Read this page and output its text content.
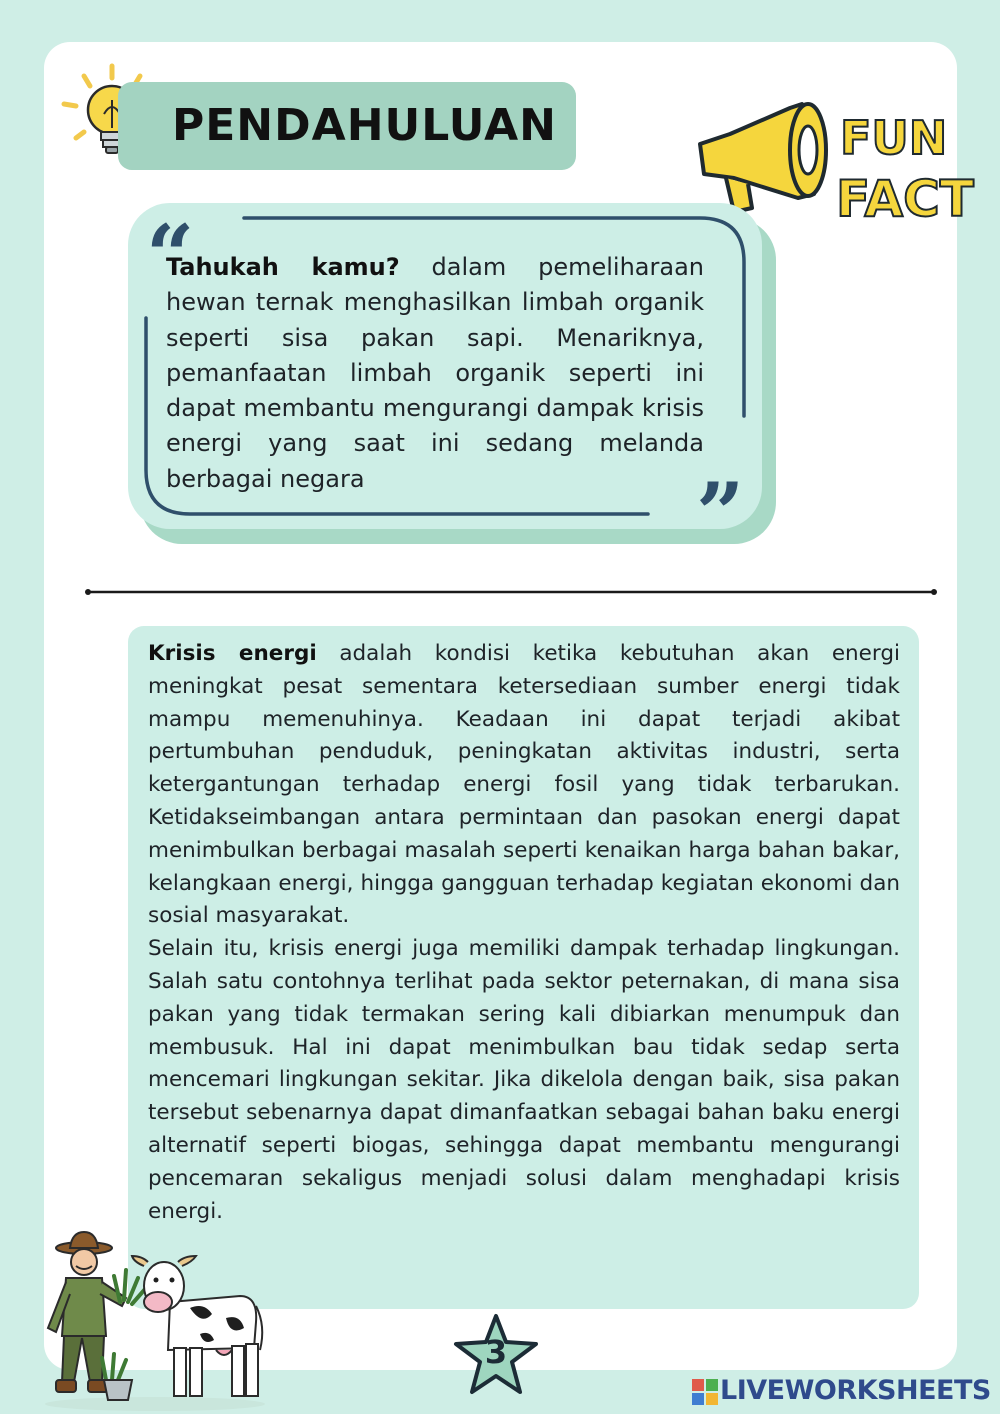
PENDAHULUAN	FUN
FACT
“
”
Tahukah kamu? dalam pemeliharaan hewan ternak menghasilkan limbah organik seperti sisa pakan sapi. Menariknya, pemanfaatan limbah organik seperti ini dapat membantu mengurangi dampak krisis energi yang saat ini sedang melanda berbagai negara

Krisis energi adalah kondisi ketika kebutuhan akan energi meningkat pesat sementara ketersediaan sumber energi tidak mampu memenuhinya. Keadaan ini dapat terjadi akibat pertumbuhan penduduk, peningkatan aktivitas industri, serta ketergantungan terhadap energi fosil yang tidak terbarukan. Ketidakseimbangan antara permintaan dan pasokan energi dapat menimbulkan berbagai masalah seperti kenaikan harga bahan bakar, kelangkaan energi, hingga gangguan terhadap kegiatan ekonomi dan sosial masyarakat.

Selain itu, krisis energi juga memiliki dampak terhadap lingkungan. Salah satu contohnya terlihat pada sektor peternakan, di mana sisa pakan yang tidak termakan sering kali dibiarkan menumpuk dan membusuk. Hal ini dapat menimbulkan bau tidak sedap serta mencemari lingkungan sekitar. Jika dikelola dengan baik, sisa pakan tersebut sebenarnya dapat dimanfaatkan sebagai bahan baku energi alternatif seperti biogas, sehingga dapat membantu mengurangi pencemaran sekaligus menjadi solusi dalam menghadapi krisis energi.

3
LIVEWORKSHEETS
